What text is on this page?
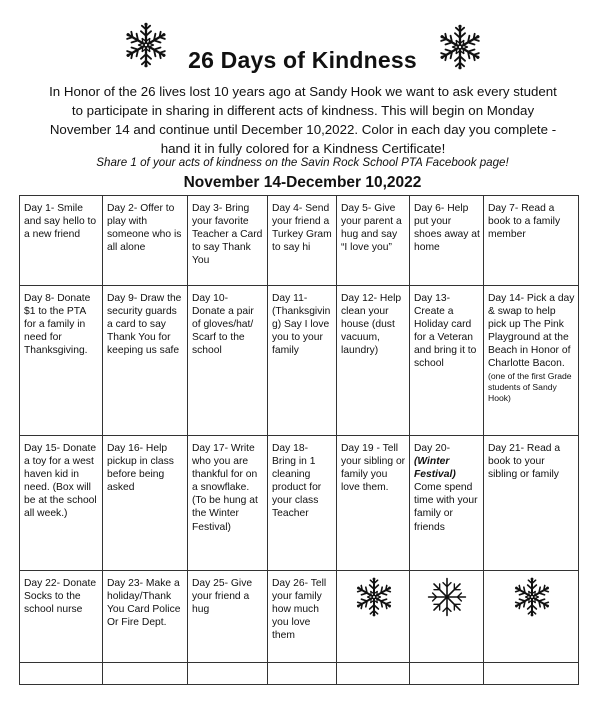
26 Days of Kindness
In Honor of the 26 lives lost 10 years ago at Sandy Hook we want to ask every student to participate in sharing in different acts of kindness. This will begin on Monday November 14 and continue until December 10,2022. Color in each day you complete - hand it in fully colored for a Kindness Certificate!
Share 1 of your acts of kindness on the Savin Rock School PTA Facebook page!
November 14-December 10,2022
Day 1- Smile and say hello to a new friend	Day 2- Offer to play with someone who is all alone	Day 3- Bring your favorite Teacher a Card to say Thank You	Day 4- Send your friend a Turkey Gram to say hi	Day 5- Give your parent a hug and say “I love you”	Day 6- Help put your shoes away at home	Day 7- Read a book to a family member
Day 8- Donate $1 to the PTA for a family in need for Thanksgiving.	Day 9- Draw the security guards a card to say Thank You for keeping us safe	Day 10- Donate a pair of gloves/hat/ Scarf to the school	Day 11- (Thanksgiving) Say I love you to your family	Day 12- Help clean your house (dust vacuum, laundry)	Day 13-Create a Holiday card for a Veteran and bring it to school	Day 14- Pick a day & swap to help pick up The Pink Playground at the Beach in Honor of Charlotte Bacon.
(one of the first Grade students of Sandy Hook)

Day 15- Donate a toy for a west haven kid in need. (Box will be at the school all week.)	Day 16- Help pickup in class before being asked	Day 17- Write who you are thankful for on a snowflake. (To be hung at the Winter Festival)	Day 18- Bring in 1 cleaning product for your class Teacher	Day 19 - Tell your sibling or family you love them.	Day 20- (Winter Festival) Come spend time with your family or friends	Day 21- Read a book to your sibling or family
Day 22- Donate Socks to the school nurse	Day 23- Make a holiday/Thank You Card Police Or Fire Dept.	Day 25- Give your friend a hug	Day 26- Tell your family how much you love them			
